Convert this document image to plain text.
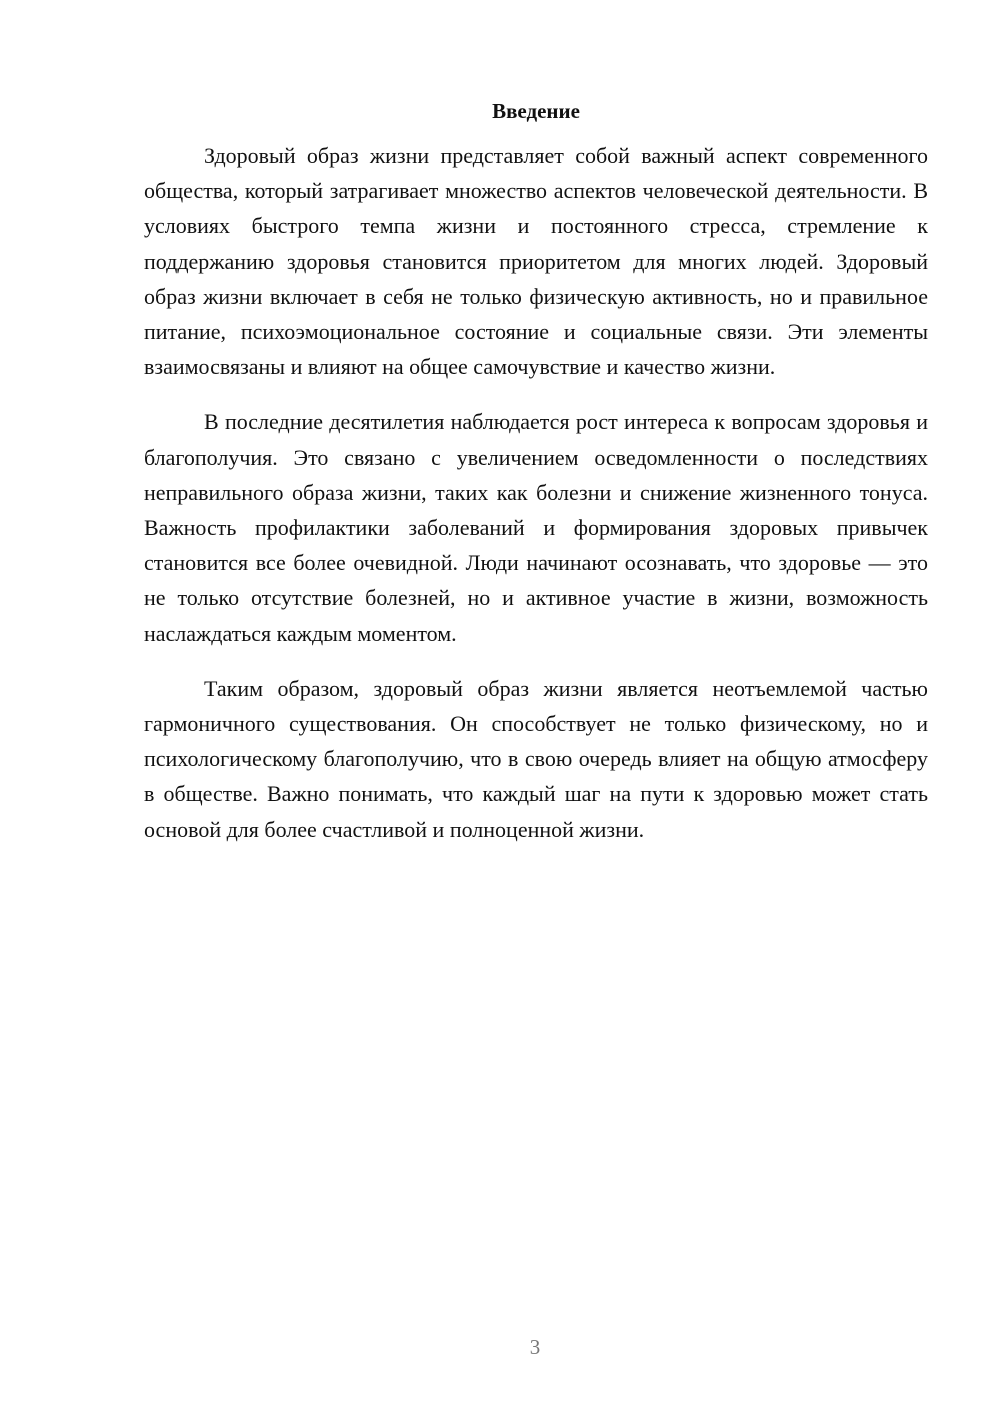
Введение

Здоровый образ жизни представляет собой важный аспект современного общества, который затрагивает множество аспектов человеческой деятельности. В условиях быстрого темпа жизни и постоянного стресса, стремление к поддержанию здоровья становится приоритетом для многих людей. Здоровый образ жизни включает в себя не только физическую активность, но и правильное питание, психоэмоциональное состояние и социальные связи. Эти элементы взаимосвязаны и влияют на общее самочувствие и качество жизни.

В последние десятилетия наблюдается рост интереса к вопросам здоровья и благополучия. Это связано с увеличением осведомленности о последствиях неправильного образа жизни, таких как болезни и снижение жизненного тонуса. Важность профилактики заболеваний и формирования здоровых привычек становится все более очевидной. Люди начинают осознавать, что здоровье — это не только отсутствие болезней, но и активное участие в жизни, возможность наслаждаться каждым моментом.

Таким образом, здоровый образ жизни является неотъемлемой частью гармоничного существования. Он способствует не только физическому, но и психологическому благополучию, что в свою очередь влияет на общую атмосферу в обществе. Важно понимать, что каждый шаг на пути к здоровью может стать основой для более счастливой и полноценной жизни.

3
